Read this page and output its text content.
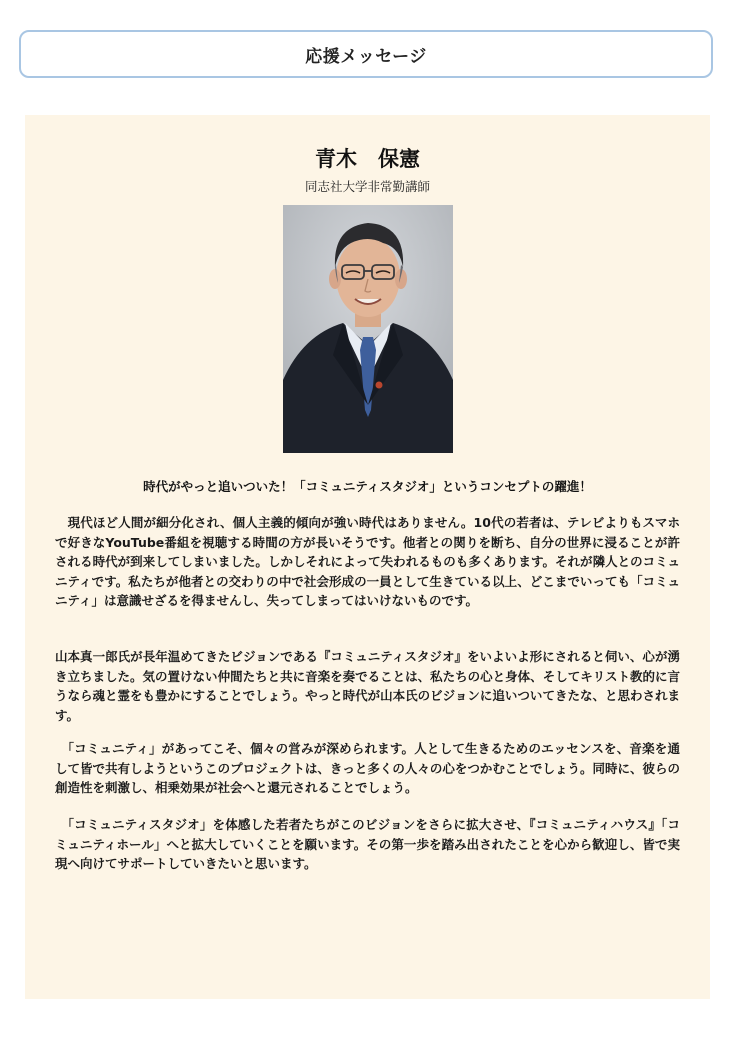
応援メッセージ
青木　保憲
同志社大学非常勤講師
時代がやっと追いついた！「コミュニティスタジオ」というコンセプトの躍進！

　現代ほど人間が細分化され、個人主義的傾向が強い時代はありません。10代の若者は、テレビよりもスマホで好きなYouTube番組を視聴する時間の方が長いそうです。他者との関りを断ち、自分の世界に浸ることが許される時代が到来してしまいました。しかしそれによって失われるものも多くあります。それが隣人とのコミュニティです。私たちが他者との交わりの中で社会形成の一員として生きている以上、どこまでいっても「コミュニティ」は意識せざるを得ませんし、失ってしまってはいけないものです。

山本真一郎氏が長年温めてきたビジョンである『コミュニティスタジオ』をいよいよ形にされると伺い、心が湧き立ちました。気の置けない仲間たちと共に音楽を奏でることは、私たちの心と身体、そしてキリスト教的に言うなら魂と霊をも豊かにすることでしょう。やっと時代が山本氏のビジョンに追いついてきたな、と思わされます。

　「コミュニティ」があってこそ、個々の営みが深められます。人として生きるためのエッセンスを、音楽を通して皆で共有しようというこのプロジェクトは、きっと多くの人々の心をつかむことでしょう。同時に、彼らの創造性を刺激し、相乗効果が社会へと還元されることでしょう。

　「コミュニティスタジオ」を体感した若者たちがこのビジョンをさらに拡大させ、『コミュニティハウス』「コミュニティホール」へと拡大していくことを願います。その第一歩を踏み出されたことを心から歓迎し、皆で実現へ向けてサポートしていきたいと思います。
